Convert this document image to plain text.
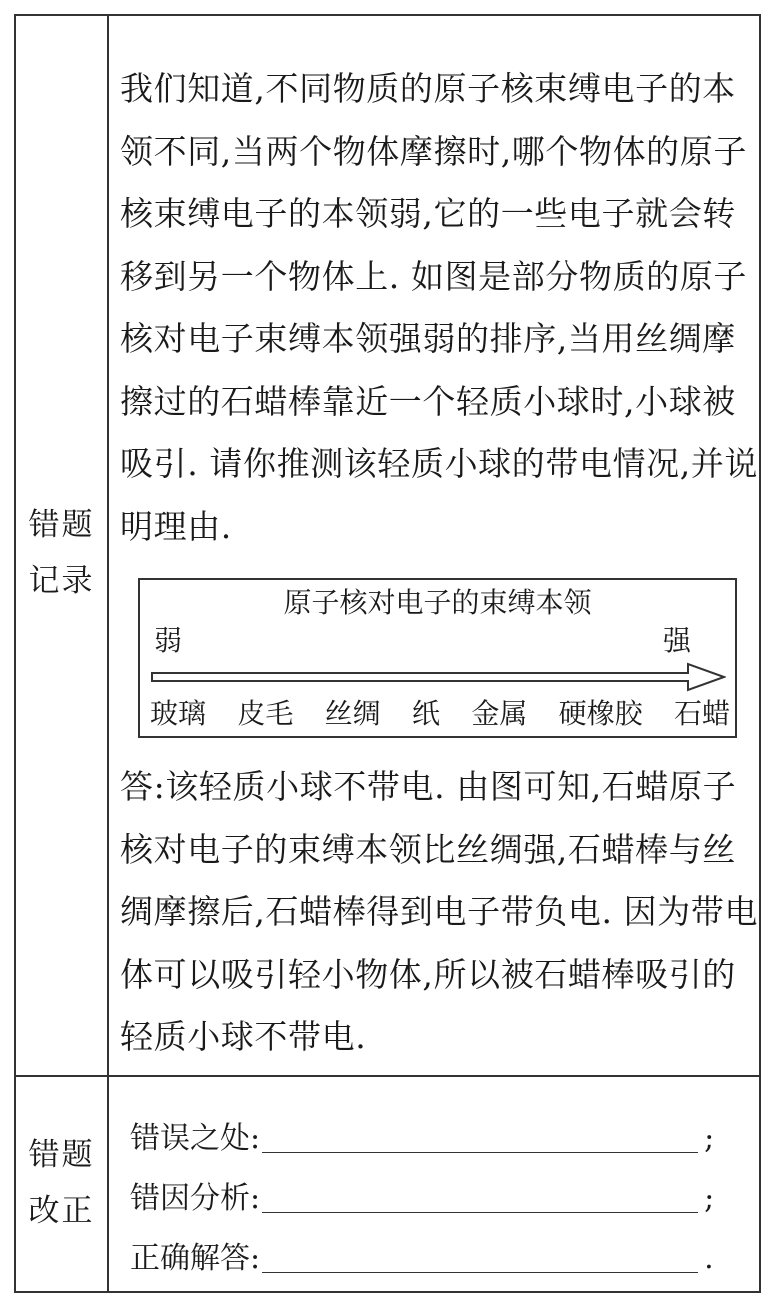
错题
记录

我们知道,不同物质的原子核束缚电子的本领不同,当两个物体摩擦时,哪个物体的原子核束缚电子的本领弱,它的一些电子就会转移到另一个物体上. 如图是部分物质的原子核对电子束缚本领强弱的排序,当用丝绸摩擦过的石蜡棒靠近一个轻质小球时,小球被吸引. 请你推测该轻质小球的带电情况,并说明理由.

原子核对电子的束缚本领
弱	强
玻璃 皮毛 丝绸 纸 金属 硬橡胶 石蜡

答:该轻质小球不带电. 由图可知,石蜡原子核对电子的束缚本领比丝绸强,石蜡棒与丝绸摩擦后,石蜡棒得到电子带负电. 因为带电体可以吸引轻小物体,所以被石蜡棒吸引的轻质小球不带电.

错题
改正
错误之处:	;
错因分析:	;
正确解答:	.
